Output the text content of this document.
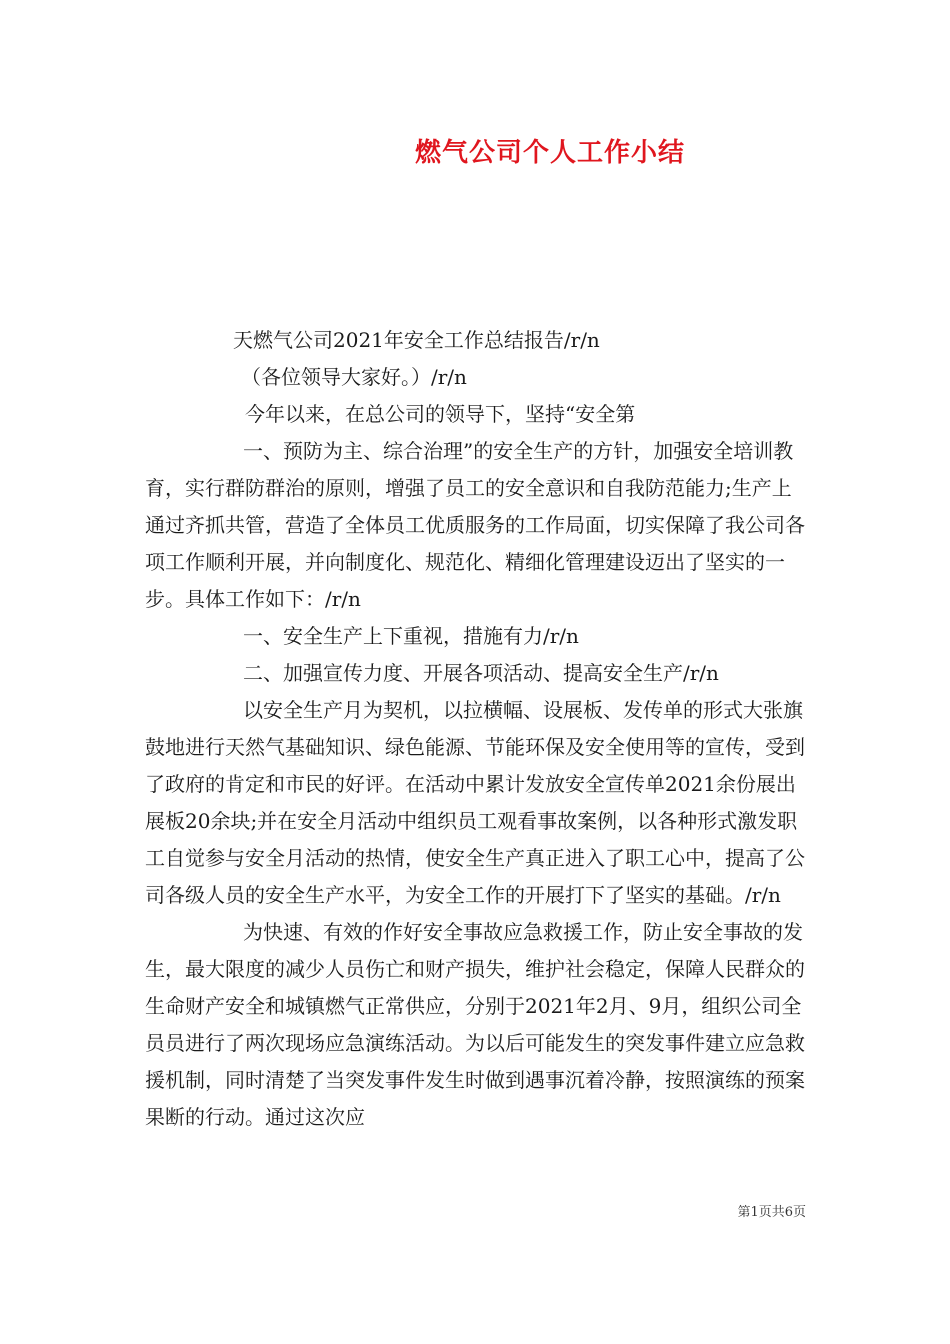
燃气公司个人工作小结

天燃气公司2021年安全工作总结报告/r/n

（各位领导大家好。）/r/n

今年以来，在总公司的领导下，坚持“安全第

一、预防为主、综合治理”的安全生产的方针，加强安全培训教育，实行群防群治的原则，增强了员工的安全意识和自我防范能力;生产上通过齐抓共管，营造了全体员工优质服务的工作局面，切实保障了我公司各项工作顺利开展，并向制度化、规范化、精细化管理建设迈出了坚实的一步。具体工作如下：/r/n

一、安全生产上下重视，措施有力/r/n

二、加强宣传力度、开展各项活动、提高安全生产/r/n

以安全生产月为契机，以拉横幅、设展板、发传单的形式大张旗鼓地进行天然气基础知识、绿色能源、节能环保及安全使用等的宣传，受到了政府的肯定和市民的好评。在活动中累计发放安全宣传单2021余份展出展板20余块;并在安全月活动中组织员工观看事故案例，以各种形式激发职工自觉参与安全月活动的热情，使安全生产真正进入了职工心中，提高了公司各级人员的安全生产水平，为安全工作的开展打下了坚实的基础。/r/n

为快速、有效的作好安全事故应急救援工作，防止安全事故的发生，最大限度的减少人员伤亡和财产损失，维护社会稳定，保障人民群众的生命财产安全和城镇燃气正常供应，分别于2021年2月、9月，组织公司全员员进行了两次现场应急演练活动。为以后可能发生的突发事件建立应急救援机制，同时清楚了当突发事件发生时做到遇事沉着冷静，按照演练的预案果断的行动。通过这次应

第1页共6页
